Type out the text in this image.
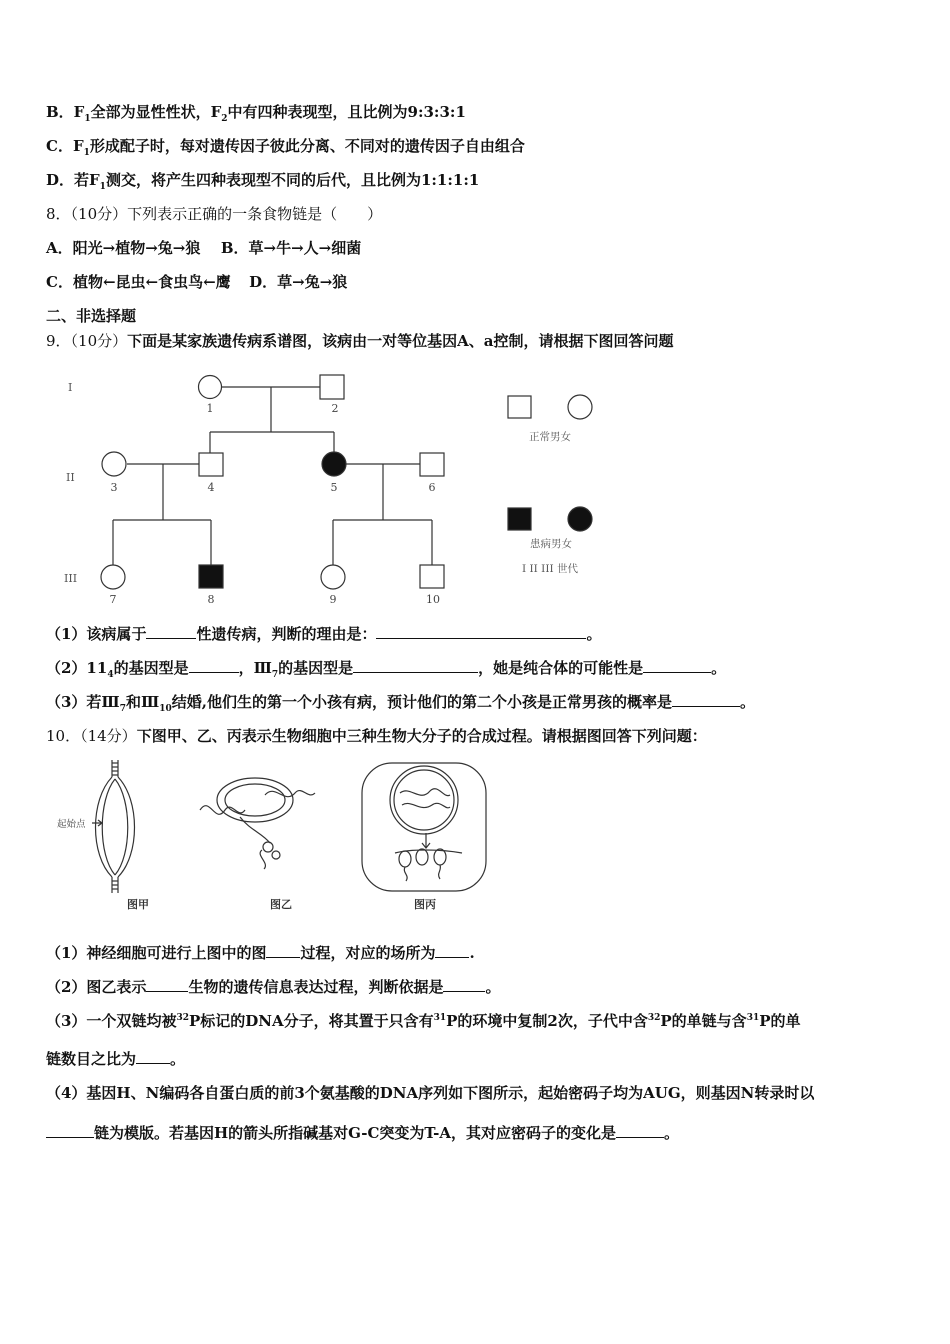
B．$F_1$全部为显性性状，$F_2$中有四种表现型，且比例为9:3:3:1
C．$F_1$形成配子时，每对遗传因子彼此分离、不同对的遗传因子自由组合
D．若$F_1$测交，将产生四种表现型不同的后代，且比例为1:1:1:1
8．（10分）下列表示正确的一条食物链是（　　）
A．阳光→植物→兔→狼 B．草→牛→人→细菌
C．植物←昆虫←食虫鸟←鹰 D．草→兔→狼
二、非选择题
9．（10分）下面是某家族遗传病系谱图，该病由一对等位基因A、a控制，请根据下图回答问题
I
II
III
1	2
3	4	5	6
7	8	9	10
正常男女
患病男女
I II III 世代
（1）该病属于	性遗传病，判断的理由是：	。
$(2)11_4$的基因型是	，$Ⅲ_7$的基因型是	，她是纯合体的可能性是	。
（3）若$Ⅲ_7$和$Ⅲ_{10}$结婚,他们生的第一个小孩有病，预计他们的第二个小孩是正常男孩的概率是	。
10．（14分）下图甲、乙、丙表示生物细胞中三种生物大分子的合成过程。请根据图回答下列问题：
起始点
图甲	图乙	图丙
（1）神经细胞可进行上图中的图 过程，对应的场所为 .
（2）图乙表示	生物的遗传信息表达过程，判断依据是	。
（3）一个双链均被$^{32}$P标记的DNA分子，将其置于只含有$^{31}$P的环境中复制2次，子代中含$^{32}$P的单链与含$^{31}$P的单
链数目之比为 。
（4）基因H、N编码各自蛋白质的前3个氨基酸的DNA序列如下图所示，起始密码子均为AUG，则基因N转录时以
链为模版。若基因H的箭头所指碱基对G-C突变为T-A，其对应密码子的变化是	。
